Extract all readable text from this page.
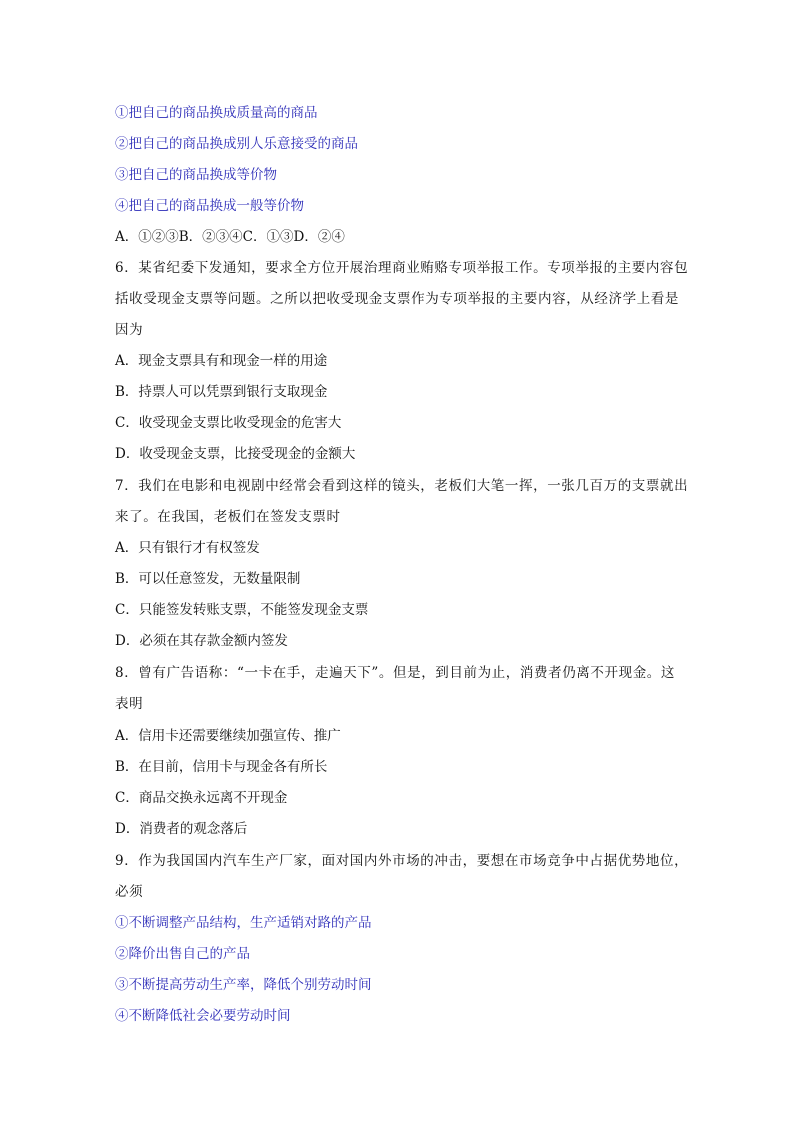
①把自己的商品换成质量高的商品
②把自己的商品换成别人乐意接受的商品
③把自己的商品换成等价物
④把自己的商品换成一般等价物
A．①②③B．②③④C．①③D．②④
6．某省纪委下发通知，要求全方位开展治理商业贿赂专项举报工作。专项举报的主要内容包
括收受现金支票等问题。之所以把收受现金支票作为专项举报的主要内容，从经济学上看是
因为
A．现金支票具有和现金一样的用途
B．持票人可以凭票到银行支取现金
C．收受现金支票比收受现金的危害大
D．收受现金支票，比接受现金的金额大
7．我们在电影和电视剧中经常会看到这样的镜头，老板们大笔一挥，一张几百万的支票就出
来了。在我国，老板们在签发支票时
A．只有银行才有权签发
B．可以任意签发，无数量限制
C．只能签发转账支票，不能签发现金支票
D．必须在其存款金额内签发
8．曾有广告语称：“一卡在手，走遍天下”。但是，到目前为止，消费者仍离不开现金。这
表明
A．信用卡还需要继续加强宣传、推广
B．在目前，信用卡与现金各有所长
C．商品交换永远离不开现金
D．消费者的观念落后
9．作为我国国内汽车生产厂家，面对国内外市场的冲击，要想在市场竞争中占据优势地位，
必须
①不断调整产品结构，生产适销对路的产品
②降价出售自己的产品
③不断提高劳动生产率，降低个别劳动时间
④不断降低社会必要劳动时间
